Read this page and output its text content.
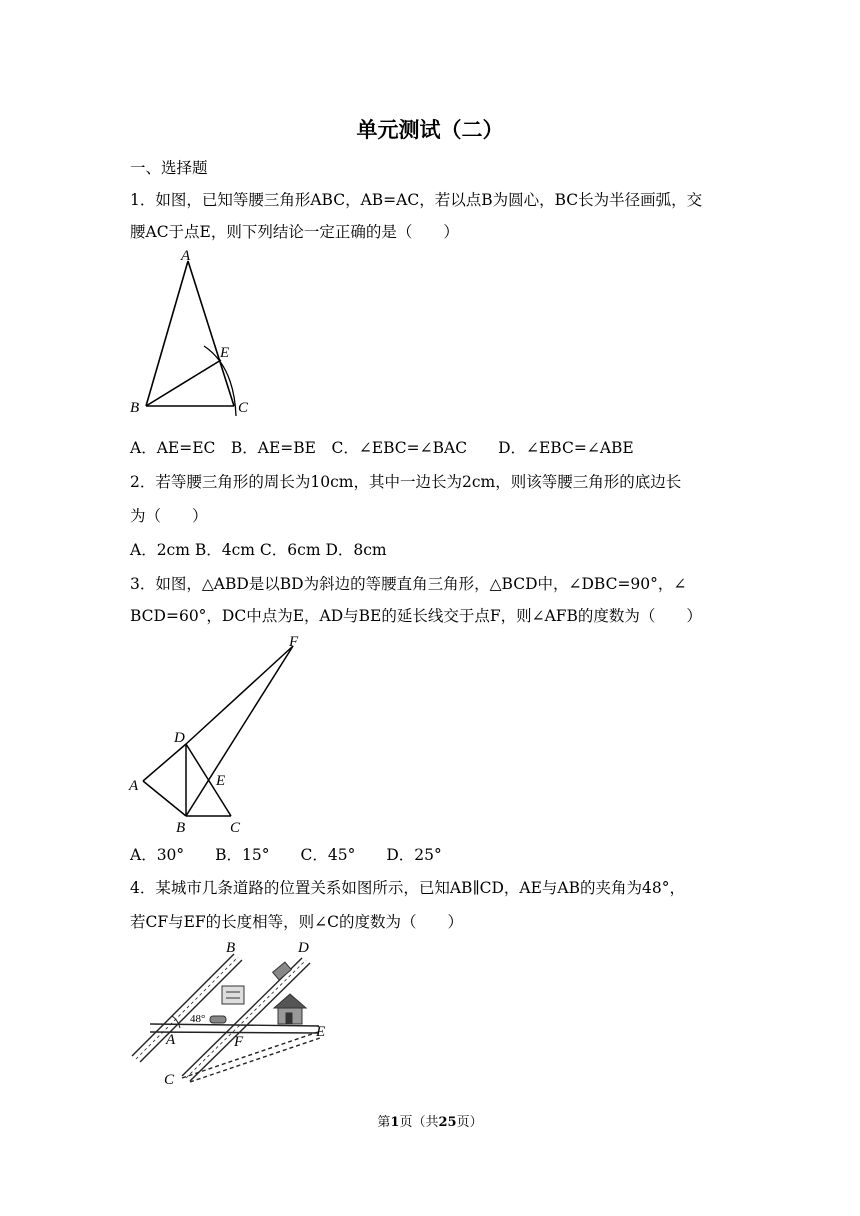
单元测试（二）
一、选择题
1．如图，已知等腰三角形ABC，AB=AC，若以点B为圆心，BC长为半径画弧，交
腰AC于点E，则下列结论一定正确的是（　　）
A
E
B	C
A．AE=EC　B．AE=BE　C．∠EBC=∠BAC　　D．∠EBC=∠ABE
2．若等腰三角形的周长为10cm，其中一边长为2cm，则该等腰三角形的底边长
为（　　）
A．2cm B．4cm C．6cm D．8cm
3．如图，△ABD是以BD为斜边的等腰直角三角形，△BCD中，∠DBC=90°，∠
BCD=60°，DC中点为E，AD与BE的延长线交于点F，则∠AFB的度数为（　　）
F
D
A	E
B	C
A．30°　　B．15°　　C．45°　　D．25°
4．某城市几条道路的位置关系如图所示，已知AB∥CD，AE与AB的夹角为48°，
若CF与EF的长度相等，则∠C的度数为（　　）
48°
B	D
A	F
E
C
第1页（共25页）
